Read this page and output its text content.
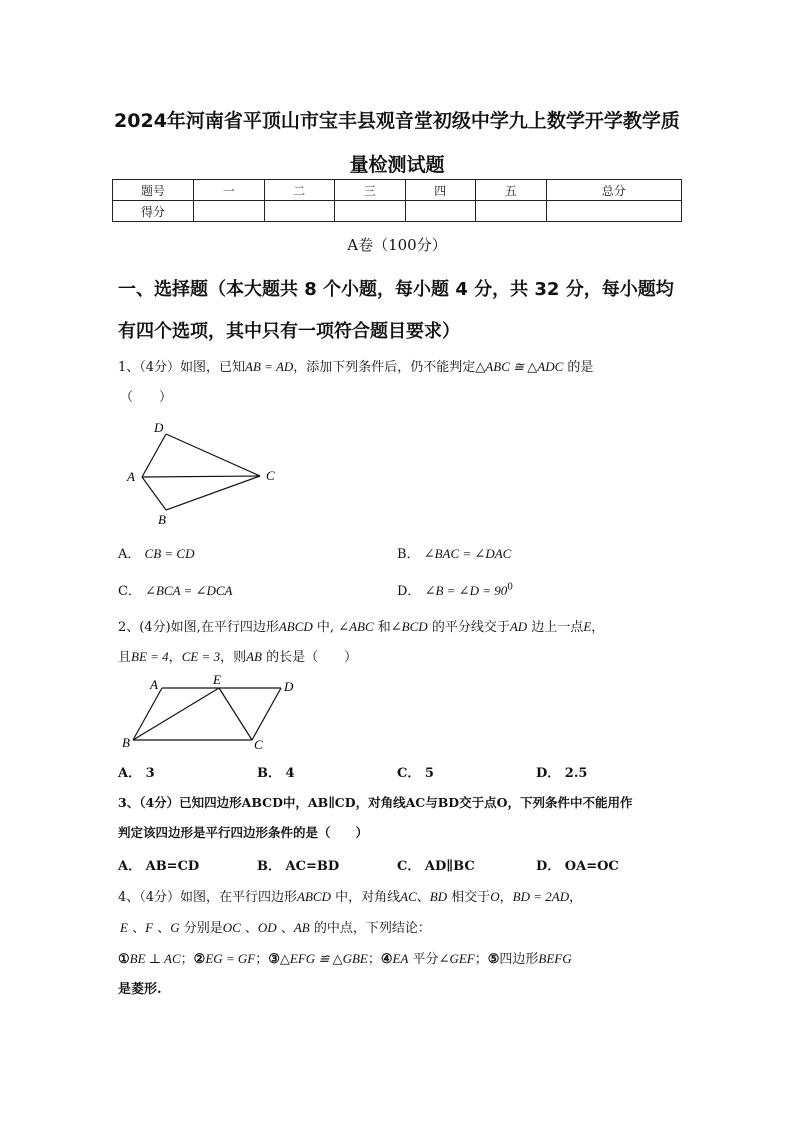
2024年河南省平顶山市宝丰县观音堂初级中学九上数学开学教学质
量检测试题
题号	一	二	三	四	五	总分
得分						
A卷（100分）
一、选择题（本大题共 8 个小题，每小题 4 分，共 32 分，每小题均
有四个选项，其中只有一项符合题目要求）
1、（4分）如图，已知AB = AD，添加下列条件后，仍不能判定△ABC ≅ △ADC 的是
（　　）
D
A	C
B
A． CB = CD	B． ∠BAC = ∠DAC
C． ∠BCA = ∠DCA	D． ∠B = ∠D = $90^0$
2、(4分)如图,在平行四边形ABCD 中, ∠ABC 和∠BCD 的平分线交于AD 边上一点E，
且BE = 4，CE = 3，则AB 的长是（　　）
A	E	D
B	C
A． 3	B． 4	C． 5	D． 2.5
3、（4分）已知四边形ABCD中，AB∥CD，对角线AC与BD交于点O，下列条件中不能用作
判定该四边形是平行四边形条件的是（　　）
A． AB=CD	B． AC=BD	C． AD∥BC	D． OA=OC
4、（4分）如图，在平行四边形ABCD 中，对角线AC、BD 相交于O，BD = 2AD，
E 、F 、G 分别是OC 、OD 、AB 的中点，下列结论：
①BE ⊥ AC；②EG = GF；③△EFG ≌ △GBE；④EA 平分∠GEF；⑤四边形BEFG
是菱形.
